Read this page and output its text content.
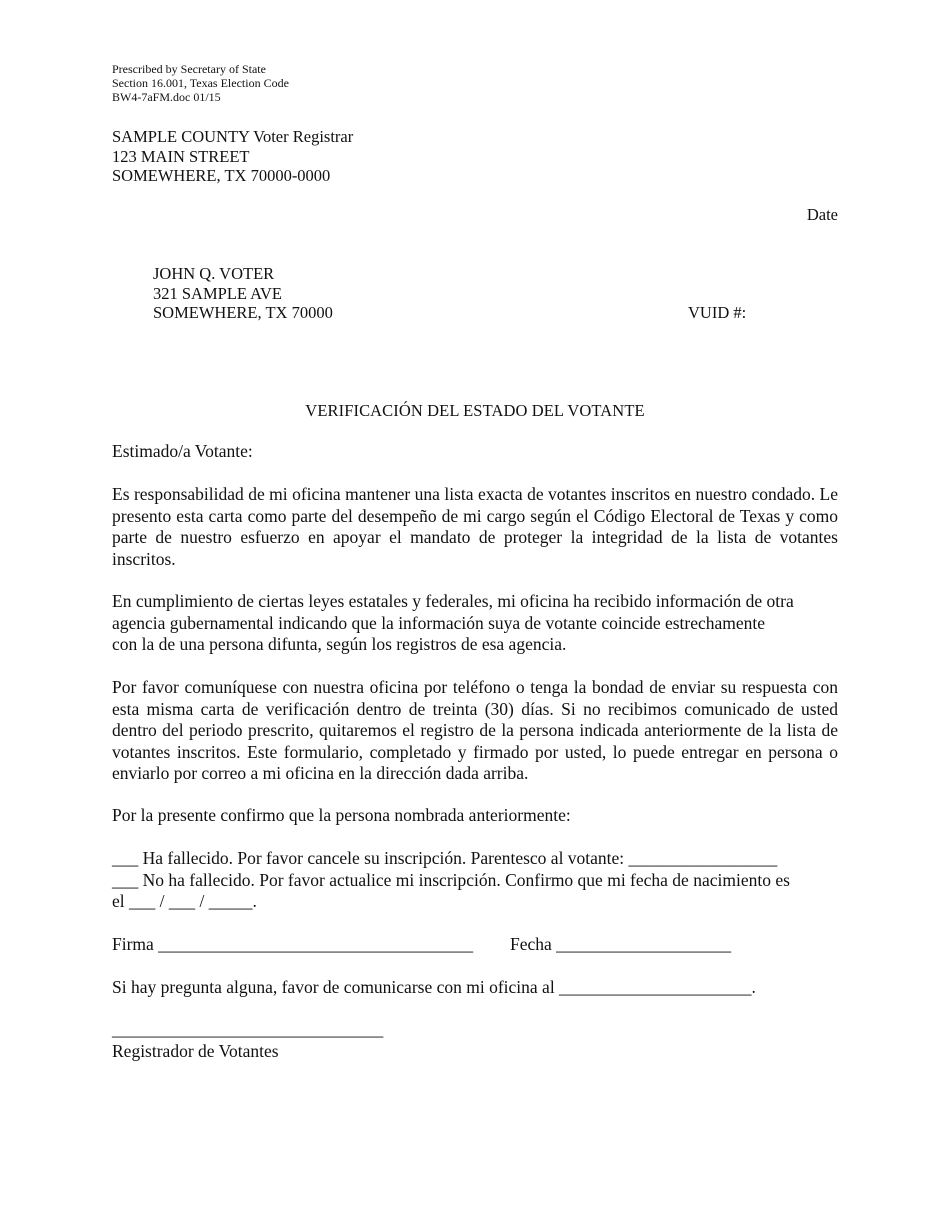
Prescribed by Secretary of State
Section 16.001, Texas Election Code
BW4-7aFM.doc 01/15
SAMPLE COUNTY Voter Registrar
123 MAIN STREET
SOMEWHERE, TX 70000-0000
Date
JOHN Q. VOTER
321 SAMPLE AVE
SOMEWHERE, TX 70000	VUID #:
VERIFICACIÓN DEL ESTADO DEL VOTANTE
Estimado/a Votante:
Es responsabilidad de mi oficina mantener una lista exacta de votantes inscritos en nuestro condado. Le presento esta carta como parte del desempeño de mi cargo según el Código Electoral de Texas y como parte de nuestro esfuerzo en apoyar el mandato de proteger la integridad de la lista de votantes inscritos.
En cumplimiento de ciertas leyes estatales y federales, mi oficina ha recibido información de otra
agencia gubernamental indicando que la información suya de votante coincide estrechamente
con la de una persona difunta, según los registros de esa agencia.
Por favor comuníquese con nuestra oficina por teléfono o tenga la bondad de enviar su respuesta con esta misma carta de verificación dentro de treinta (30) días. Si no recibimos comunicado de usted dentro del periodo prescrito, quitaremos el registro de la persona indicada anteriormente de la lista de votantes inscritos. Este formulario, completado y firmado por usted, lo puede entregar en persona o enviarlo por correo a mi oficina en la dirección dada arriba.
Por la presente confirmo que la persona nombrada anteriormente:
___ Ha fallecido. Por favor cancele su inscripción. Parentesco al votante: _________________
___ No ha fallecido. Por favor actualice mi inscripción. Confirmo que mi fecha de nacimiento es
el ___ / ___ / _____.
Firma ____________________________________ Fecha ____________________
Si hay pregunta alguna, favor de comunicarse con mi oficina al ______________________.
_______________________________
Registrador de Votantes
